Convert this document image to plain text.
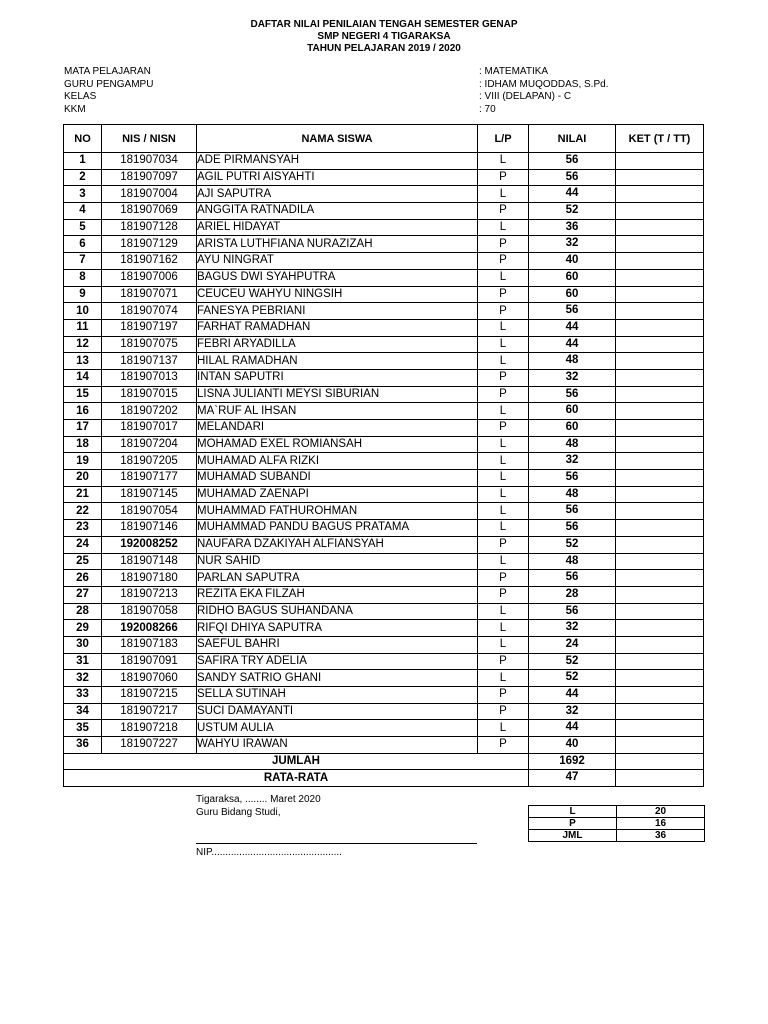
DAFTAR NILAI PENILAIAN TENGAH SEMESTER GENAP
SMP NEGERI 4 TIGARAKSA
TAHUN PELAJARAN 2019 / 2020
MATA PELAJARAN	: MATEMATIKA
GURU PENGAMPU	: IDHAM MUQODDAS, S.Pd.
KELAS	: VIII (DELAPAN) - C
KKM	: 70
NO	NIS / NISN	NAMA SISWA	L/P	NILAI	KET (T / TT)
1	181907034	ADE PIRMANSYAH	L	56	
2	181907097	AGIL PUTRI AISYAHTI	P	56	
3	181907004	AJI SAPUTRA	L	44	
4	181907069	ANGGITA RATNADILA	P	52	
5	181907128	ARIEL HIDAYAT	L	36	
6	181907129	ARISTA LUTHFIANA NURAZIZAH	P	32	
7	181907162	AYU NINGRAT	P	40	
8	181907006	BAGUS DWI SYAHPUTRA	L	60	
9	181907071	CEUCEU WAHYU NINGSIH	P	60	
10	181907074	FANESYA PEBRIANI	P	56	
11	181907197	FARHAT RAMADHAN	L	44	
12	181907075	FEBRI ARYADILLA	L	44	
13	181907137	HILAL RAMADHAN	L	48	
14	181907013	INTAN SAPUTRI	P	32	
15	181907015	LISNA JULIANTI MEYSI SIBURIAN	P	56	
16	181907202	MA`RUF AL IHSAN	L	60	
17	181907017	MELANDARI	P	60	
18	181907204	MOHAMAD EXEL ROMIANSAH	L	48	
19	181907205	MUHAMAD ALFA RIZKI	L	32	
20	181907177	MUHAMAD SUBANDI	L	56	
21	181907145	MUHAMAD ZAENAPI	L	48	
22	181907054	MUHAMMAD FATHUROHMAN	L	56	
23	181907146	MUHAMMAD PANDU BAGUS PRATAMA	L	56	
24	192008252	NAUFARA DZAKIYAH ALFIANSYAH	P	52	
25	181907148	NUR SAHID	L	48	
26	181907180	PARLAN SAPUTRA	P	56	
27	181907213	REZITA EKA FILZAH	P	28	
28	181907058	RIDHO BAGUS SUHANDANA	L	56	
29	192008266	RIFQI DHIYA SAPUTRA	L	32	
30	181907183	SAEFUL BAHRI	L	24	
31	181907091	SAFIRA TRY ADELIA	P	52	
32	181907060	SANDY SATRIO GHANI	L	52	
33	181907215	SELLA SUTINAH	P	44	
34	181907217	SUCI DAMAYANTI	P	32	
35	181907218	USTUM AULIA	L	44	
36	181907227	WAHYU IRAWAN	P	40	
JUMLAH				1692	
RATA-RATA				47	
Tigaraksa, ........ Maret 2020
Guru Bidang Studi,
NIP...............................................
L	20
P	16
JML	36
